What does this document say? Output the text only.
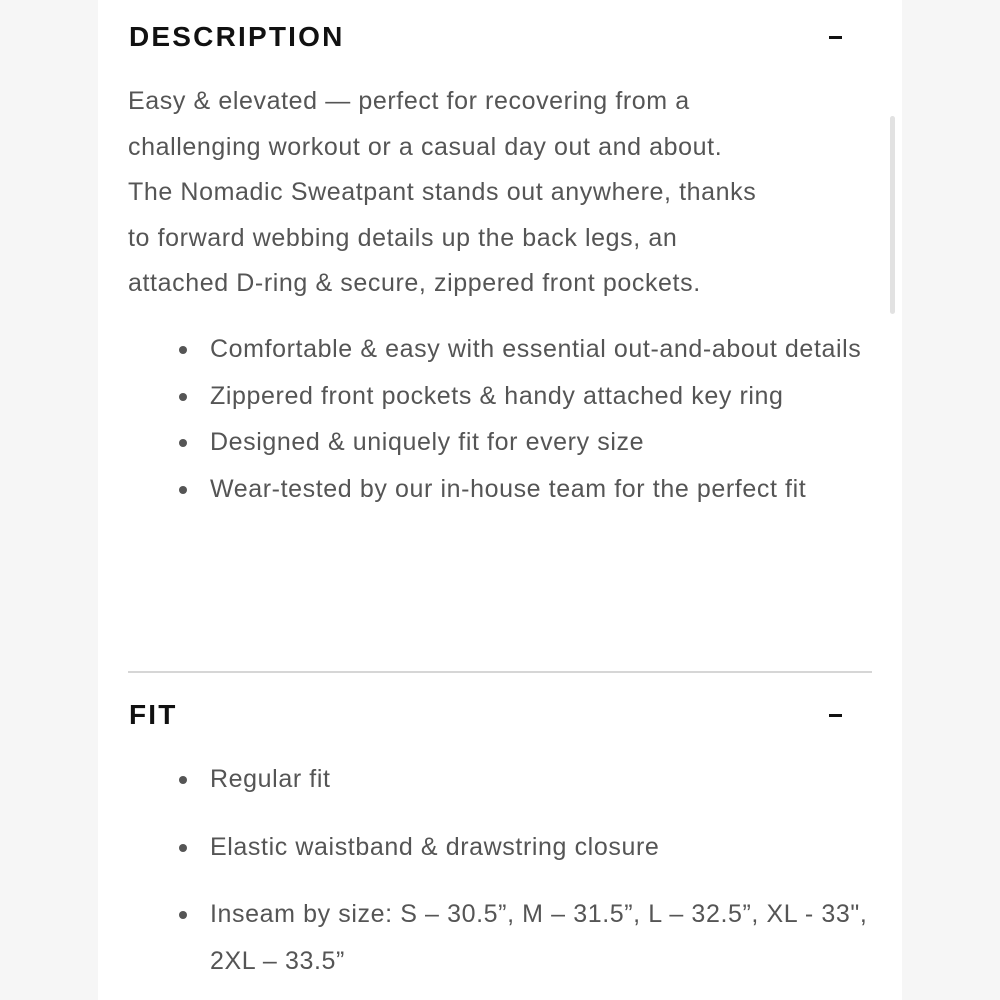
DESCRIPTION

Easy & elevated — perfect for recovering from a
challenging workout or a casual day out and about.
The Nomadic Sweatpant stands out anywhere, thanks
to forward webbing details up the back legs, an
attached D-ring & secure, zippered front pockets.

Comfortable & easy with essential out-and-about details
Zippered front pockets & handy attached key ring
Designed & uniquely fit for every size
Wear-tested by our in-house team for the perfect fit
FIT
Regular fit
Elastic waistband & drawstring closure
Inseam by size: S – 30.5”, M – 31.5”, L – 32.5”, XL - 33", 2XL – 33.5”
